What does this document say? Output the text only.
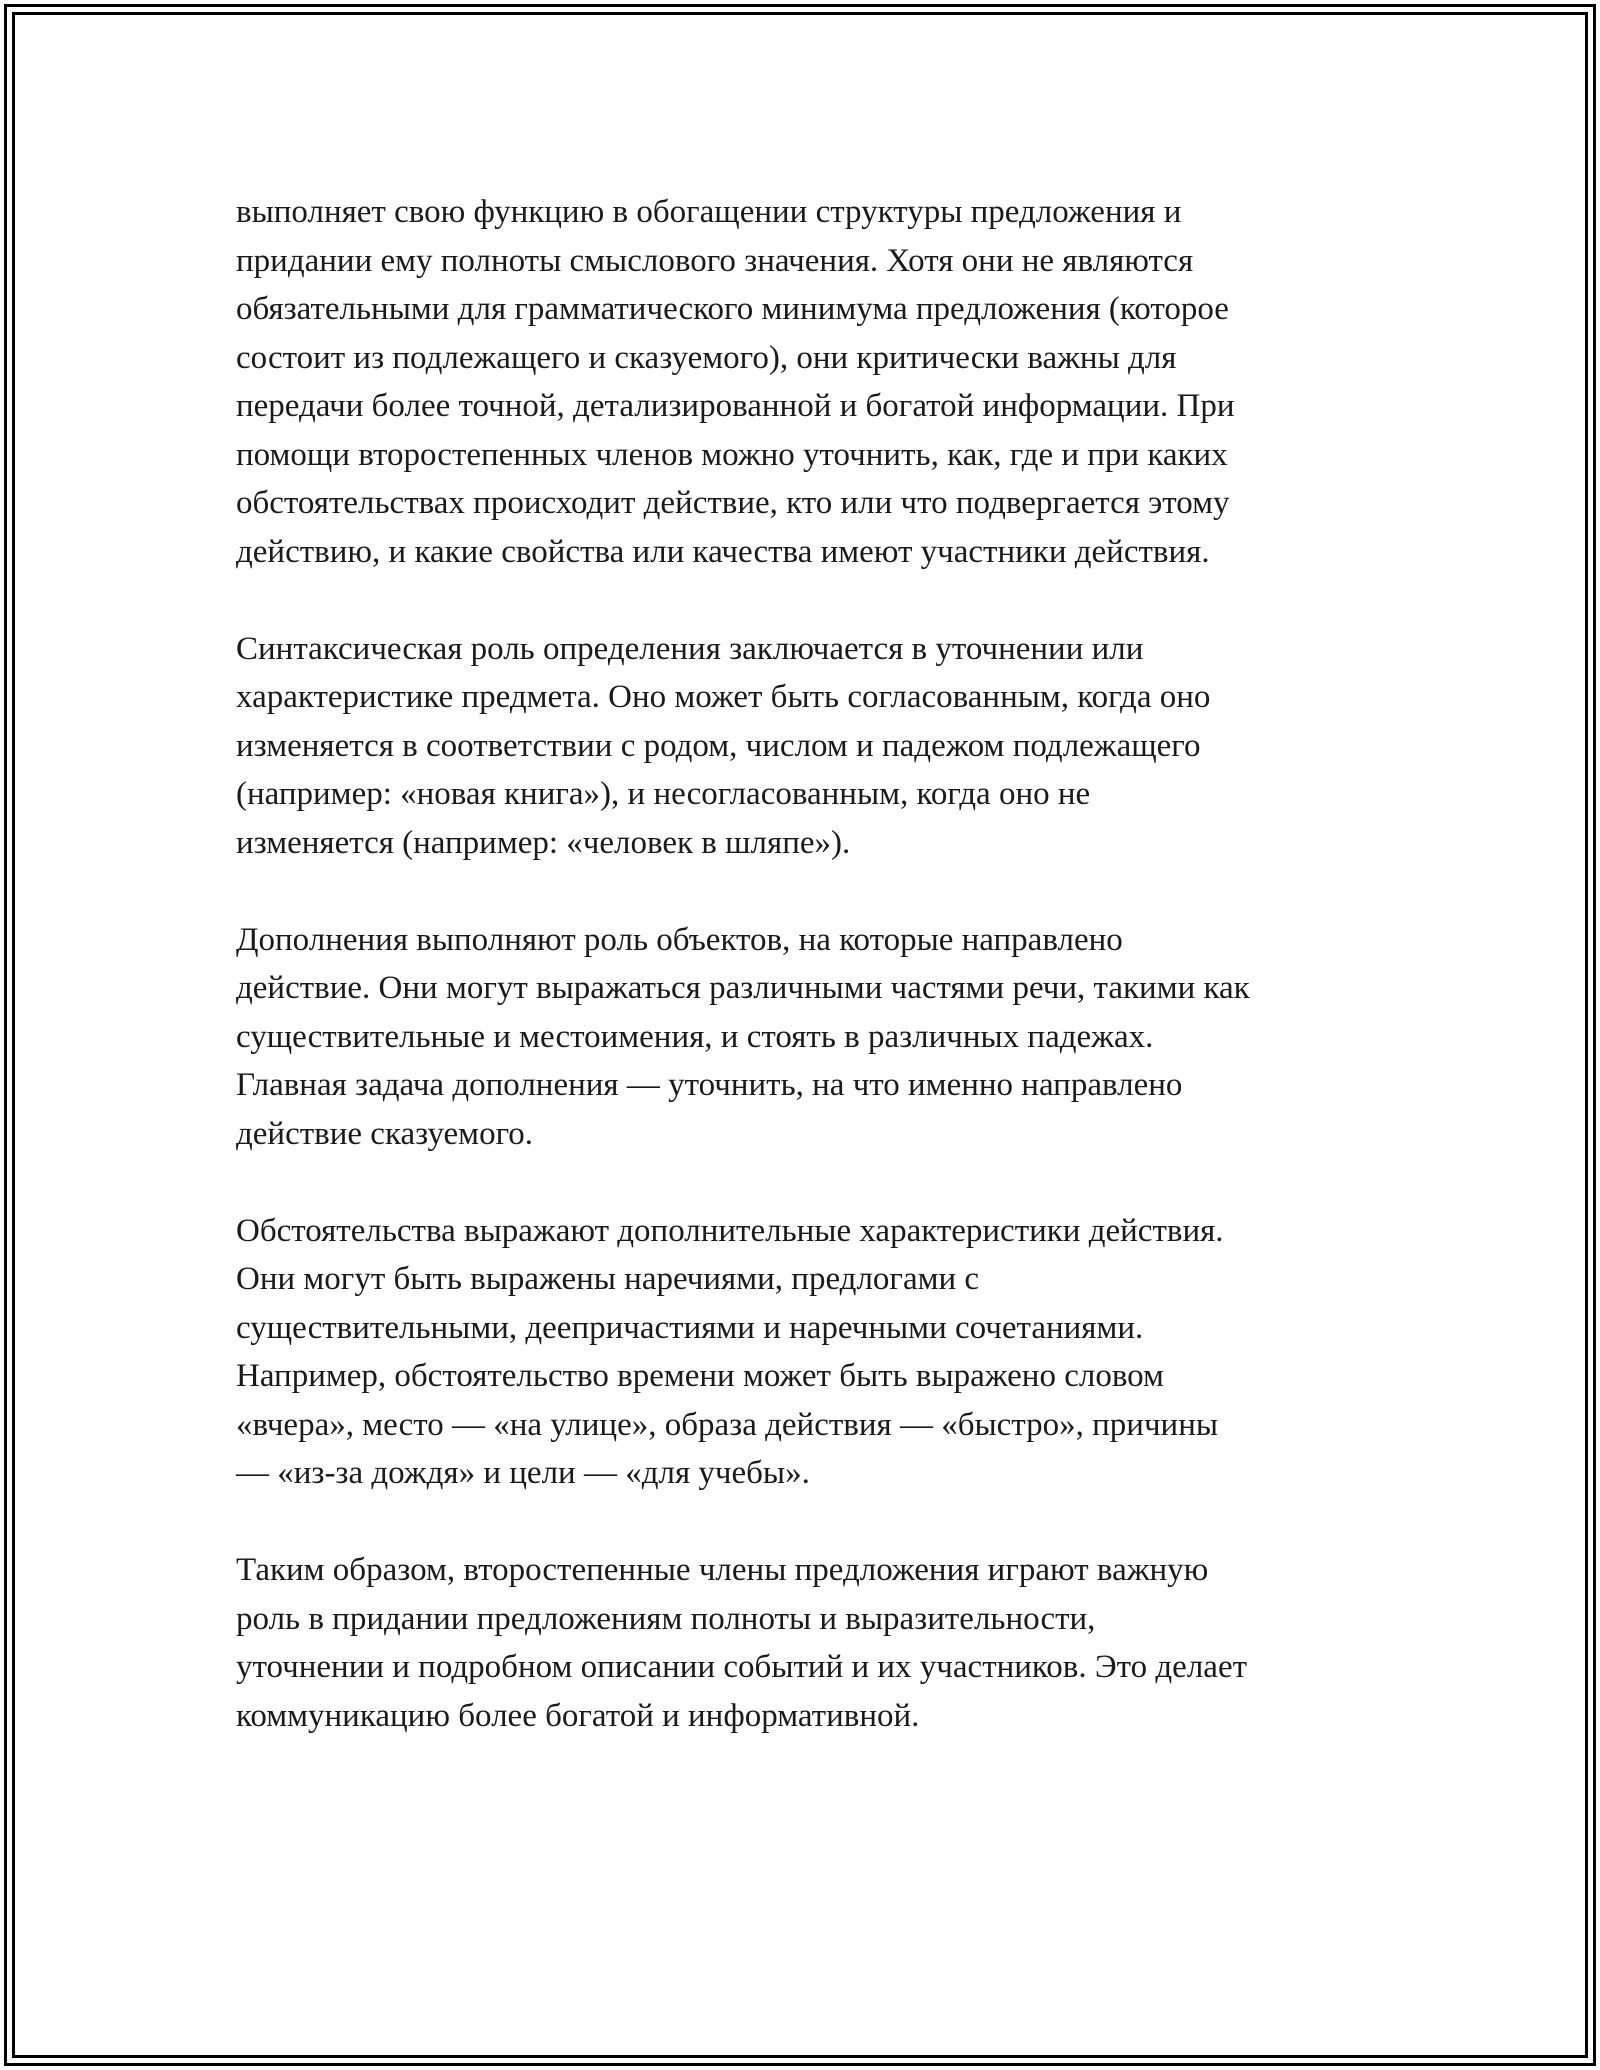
выполняет свою функцию в обогащении структуры предложения и
придании ему полноты смыслового значения. Хотя они не являются
обязательными для грамматического минимума предложения (которое
состоит из подлежащего и сказуемого), они критически важны для
передачи более точной, детализированной и богатой информации. При
помощи второстепенных членов можно уточнить, как, где и при каких
обстоятельствах происходит действие, кто или что подвергается этому
действию, и какие свойства или качества имеют участники действия.

Синтаксическая роль определения заключается в уточнении или
характеристике предмета. Оно может быть согласованным, когда оно
изменяется в соответствии с родом, числом и падежом подлежащего
(например: «новая книга»), и несогласованным, когда оно не
изменяется (например: «человек в шляпе»).

Дополнения выполняют роль объектов, на которые направлено
действие. Они могут выражаться различными частями речи, такими как
существительные и местоимения, и стоять в различных падежах.
Главная задача дополнения — уточнить, на что именно направлено
действие сказуемого.

Обстоятельства выражают дополнительные характеристики действия.
Они могут быть выражены наречиями, предлогами с
существительными, деепричастиями и наречными сочетаниями.
Например, обстоятельство времени может быть выражено словом
«вчера», место — «на улице», образа действия — «быстро», причины
— «из-за дождя» и цели — «для учебы».

Таким образом, второстепенные члены предложения играют важную
роль в придании предложениям полноты и выразительности,
уточнении и подробном описании событий и их участников. Это делает
коммуникацию более богатой и информативной.
